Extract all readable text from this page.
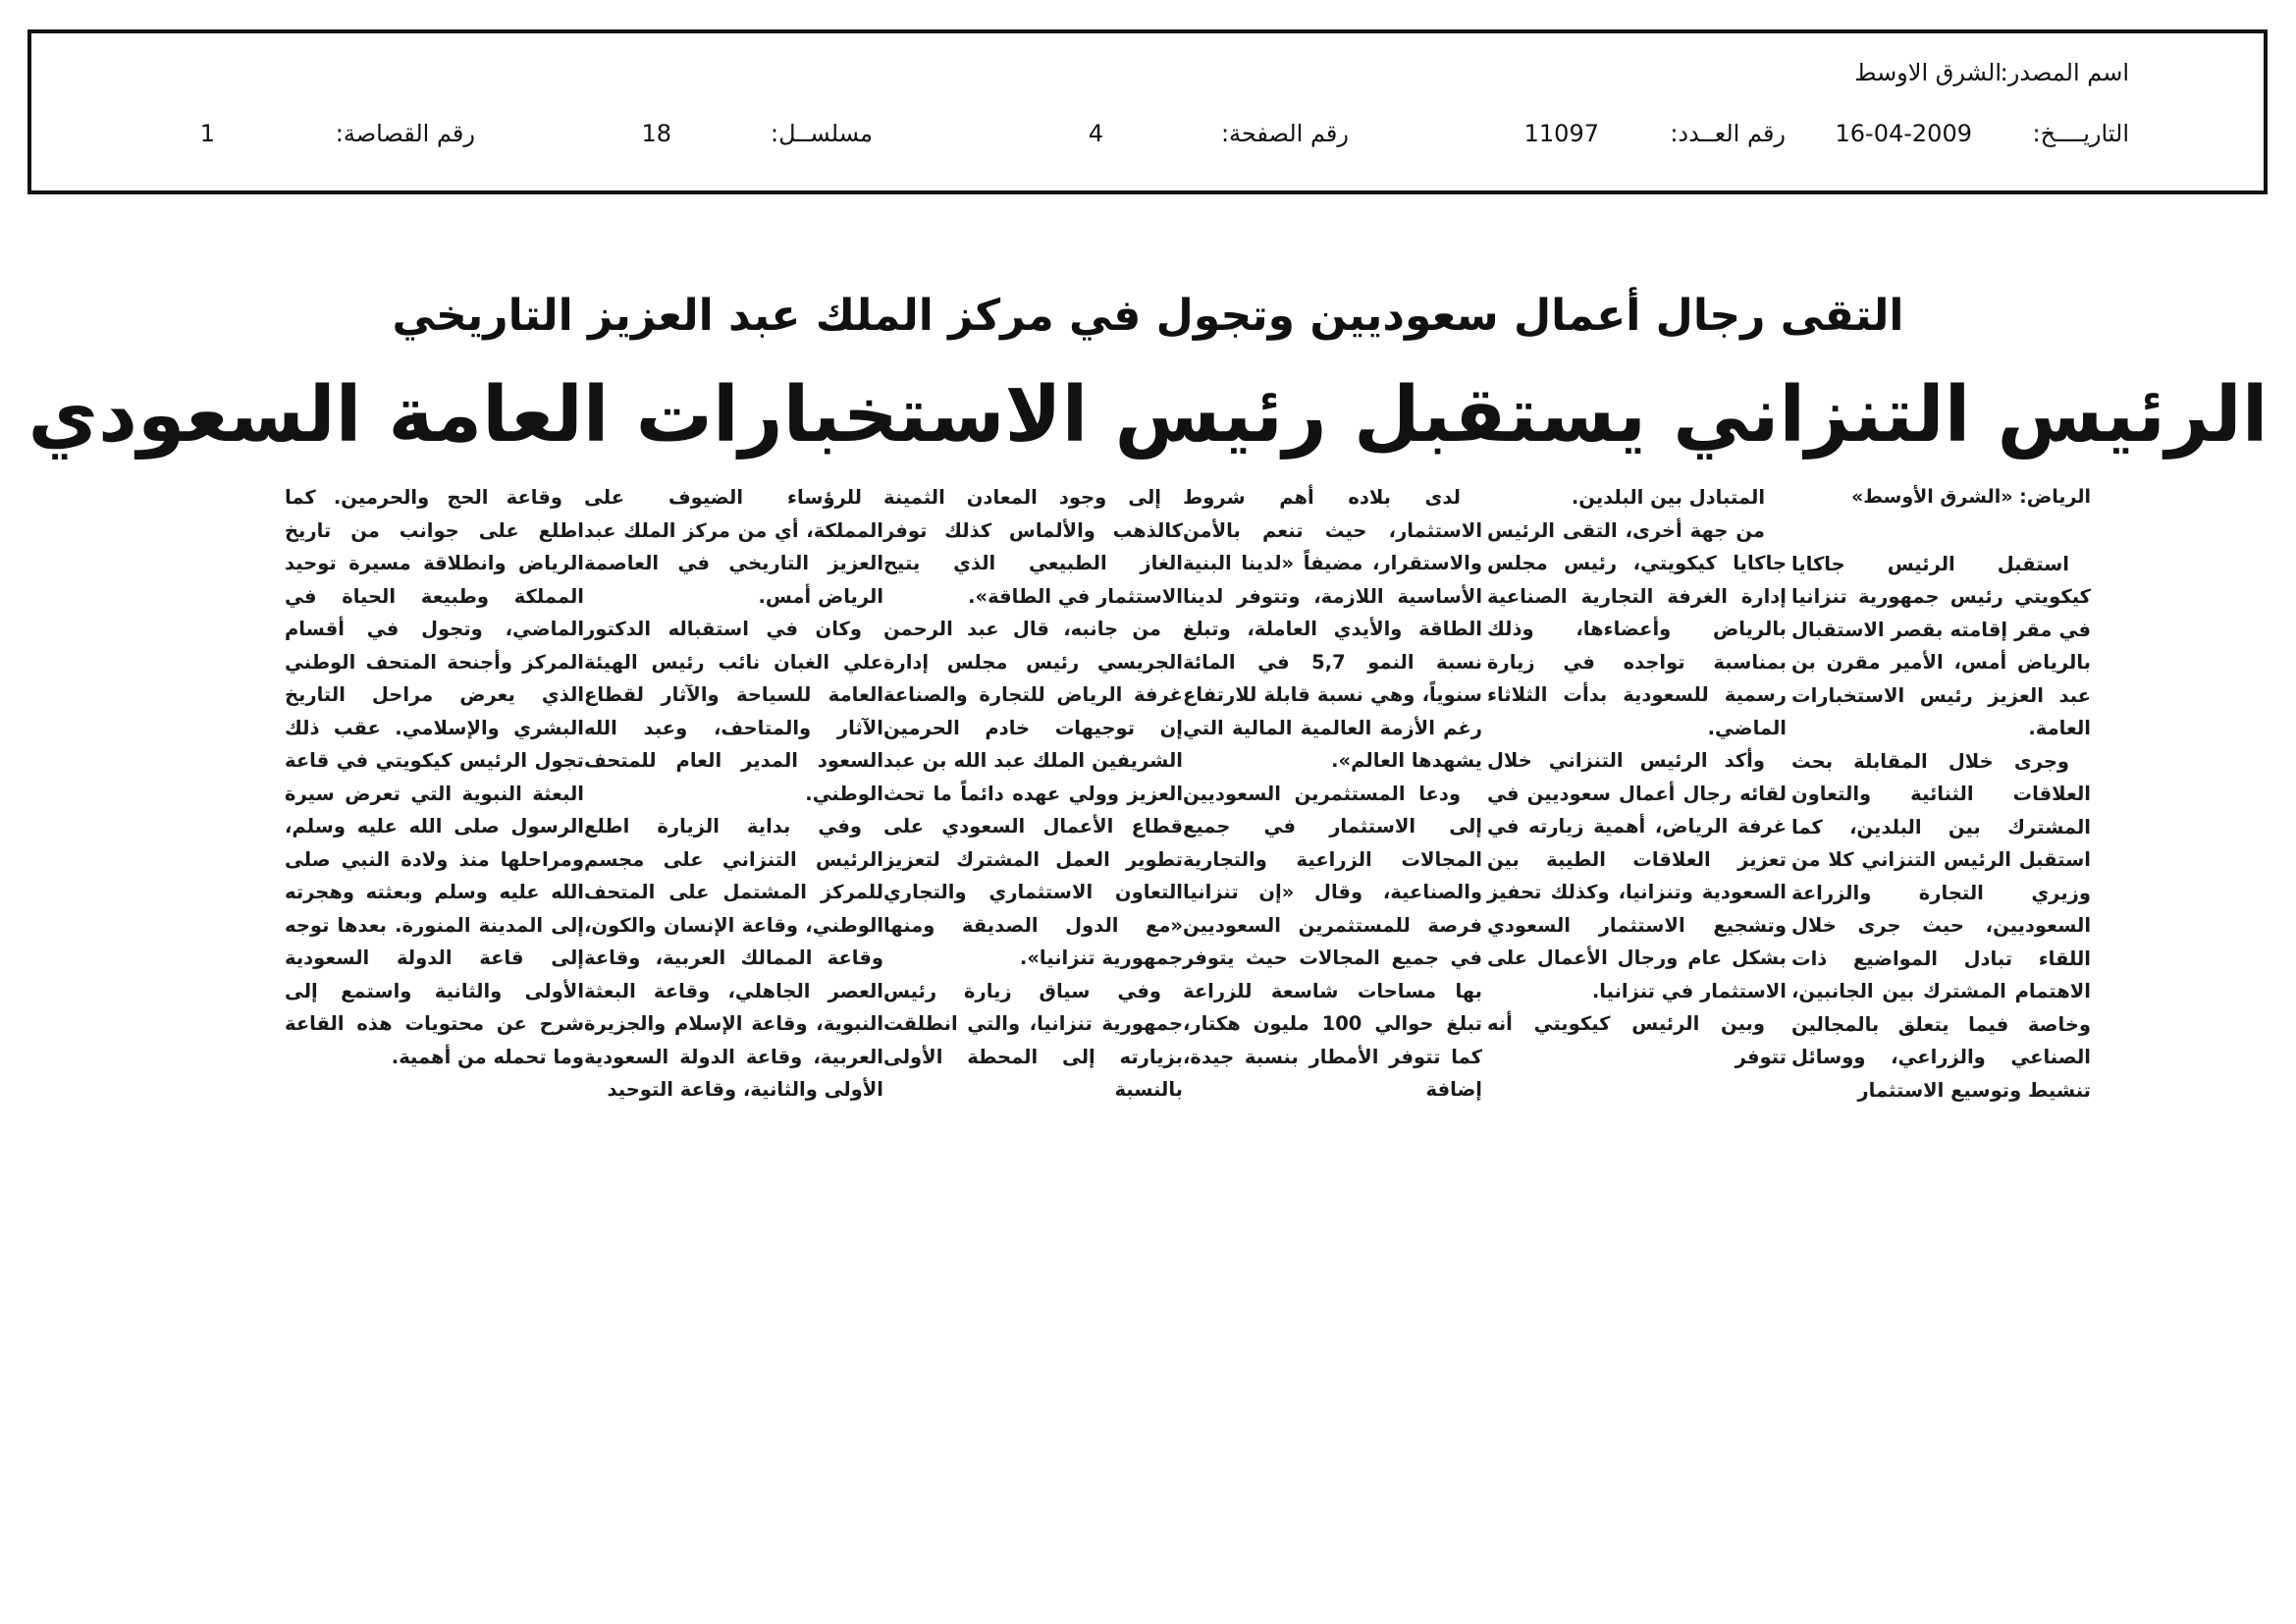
اسم المصدر:
الشرق الاوسط
التاريــــخ:
16-04-2009
رقم العــدد:
11097
رقم الصفحة:
4
مسلســل:
18
رقم القصاصة:
1
التقى رجال أعمال سعوديين وتجول في مركز الملك عبد العزيز التاريخي
الرئيس التنزاني يستقبل رئيس الاستخبارات العامة السعودي

الرياض: «الشرق الأوسط»

استقبل الرئيس جاكايا كيكويتي رئيس جمهورية تنزانيا في مقر إقامته بقصر الاستقبال بالرياض أمس، الأمير مقرن بن عبد العزيز رئيس الاستخبارات العامة.

وجرى خلال المقابلة بحث العلاقات الثنائية والتعاون المشترك بين البلدين، كما استقبل الرئيس التنزاني كلا من وزيري التجارة والزراعة السعوديين، حيث جرى خلال اللقاء تبادل المواضيع ذات الاهتمام المشترك بين الجانبين، وخاصة فيما يتعلق بالمجالين الصناعي والزراعي، ووسائل تنشيط وتوسيع الاستثمار

المتبادل بين البلدين.

من جهة أخرى، التقى الرئيس جاكايا كيكويتي، رئيس مجلس إدارة الغرفة التجارية الصناعية بالرياض وأعضاءها، وذلك بمناسبة تواجده في زيارة رسمية للسعودية بدأت الثلاثاء الماضي.

وأكد الرئيس التنزاني خلال لقائه رجال أعمال سعوديين في غرفة الرياض، أهمية زيارته في تعزيز العلاقات الطيبة بين السعودية وتنزانيا، وكذلك تحفيز وتشجيع الاستثمار السعودي بشكل عام ورجال الأعمال على الاستثمار في تنزانيا.

وبين الرئيس كيكويتي أنه تتوفر

لدى بلاده أهم شروط الاستثمار، حيث تنعم بالأمن والاستقرار، مضيفاً «لدينا البنية الأساسية اللازمة، وتتوفر لدينا الطاقة والأيدي العاملة، وتبلغ نسبة النمو 5,7 في المائة سنوياً، وهي نسبة قابلة للارتفاع رغم الأزمة العالمية المالية التي يشهدها العالم».

ودعا المستثمرين السعوديين إلى الاستثمار في جميع المجالات الزراعية والتجارية والصناعية، وقال «إن تنزانيا فرصة للمستثمرين السعوديين في جميع المجالات حيث يتوفر بها مساحات شاسعة للزراعة تبلغ حوالي 100 مليون هكتار، كما تتوفر الأمطار بنسبة جيدة، إضافة

إلى وجود المعادن الثمينة كالذهب والألماس كذلك توفر الغاز الطبيعي الذي يتيح الاستثمار في الطاقة».

من جانبه، قال عبد الرحمن الجريسي رئيس مجلس إدارة غرفة الرياض للتجارة والصناعة إن توجيهات خادم الحرمين الشريفين الملك عبد الله بن عبد العزيز وولي عهده دائماً ما تحث قطاع الأعمال السعودي على تطوير العمل المشترك لتعزيز التعاون الاستثماري والتجاري «مع الدول الصديقة ومنها جمهورية تنزانيا».

وفي سياق زيارة رئيس جمهورية تنزانيا، والتي انطلقت بزيارته إلى المحطة الأولى بالنسبة

للرؤساء الضيوف على المملكة، أي من مركز الملك عبد العزيز التاريخي في العاصمة الرياض أمس.

وكان في استقباله الدكتور علي الغبان نائب رئيس الهيئة العامة للسياحة والآثار لقطاع الآثار والمتاحف، وعبد الله السعود المدير العام للمتحف الوطني.

وفي بداية الزيارة اطلع الرئيس التنزاني على مجسم للمركز المشتمل على المتحف الوطني، وقاعة الإنسان والكون، وقاعة الممالك العربية، وقاعة العصر الجاهلي، وقاعة البعثة النبوية، وقاعة الإسلام والجزيرة العربية، وقاعة الدولة السعودية الأولى والثانية، وقاعة التوحيد

وقاعة الحج والحرمين. كما اطلع على جوانب من تاريخ الرياض وانطلاقة مسيرة توحيد المملكة وطبيعة الحياة في الماضي، وتجول في أقسام المركز وأجنحة المتحف الوطني الذي يعرض مراحل التاريخ البشري والإسلامي. عقب ذلك تجول الرئيس كيكويتي في قاعة البعثة النبوية التي تعرض سيرة الرسول صلى الله عليه وسلم، ومراحلها منذ ولادة النبي صلى الله عليه وسلم وبعثته وهجرته إلى المدينة المنورة. بعدها توجه إلى قاعة الدولة السعودية الأولى والثانية واستمع إلى شرح عن محتويات هذه القاعة وما تحمله من أهمية.
